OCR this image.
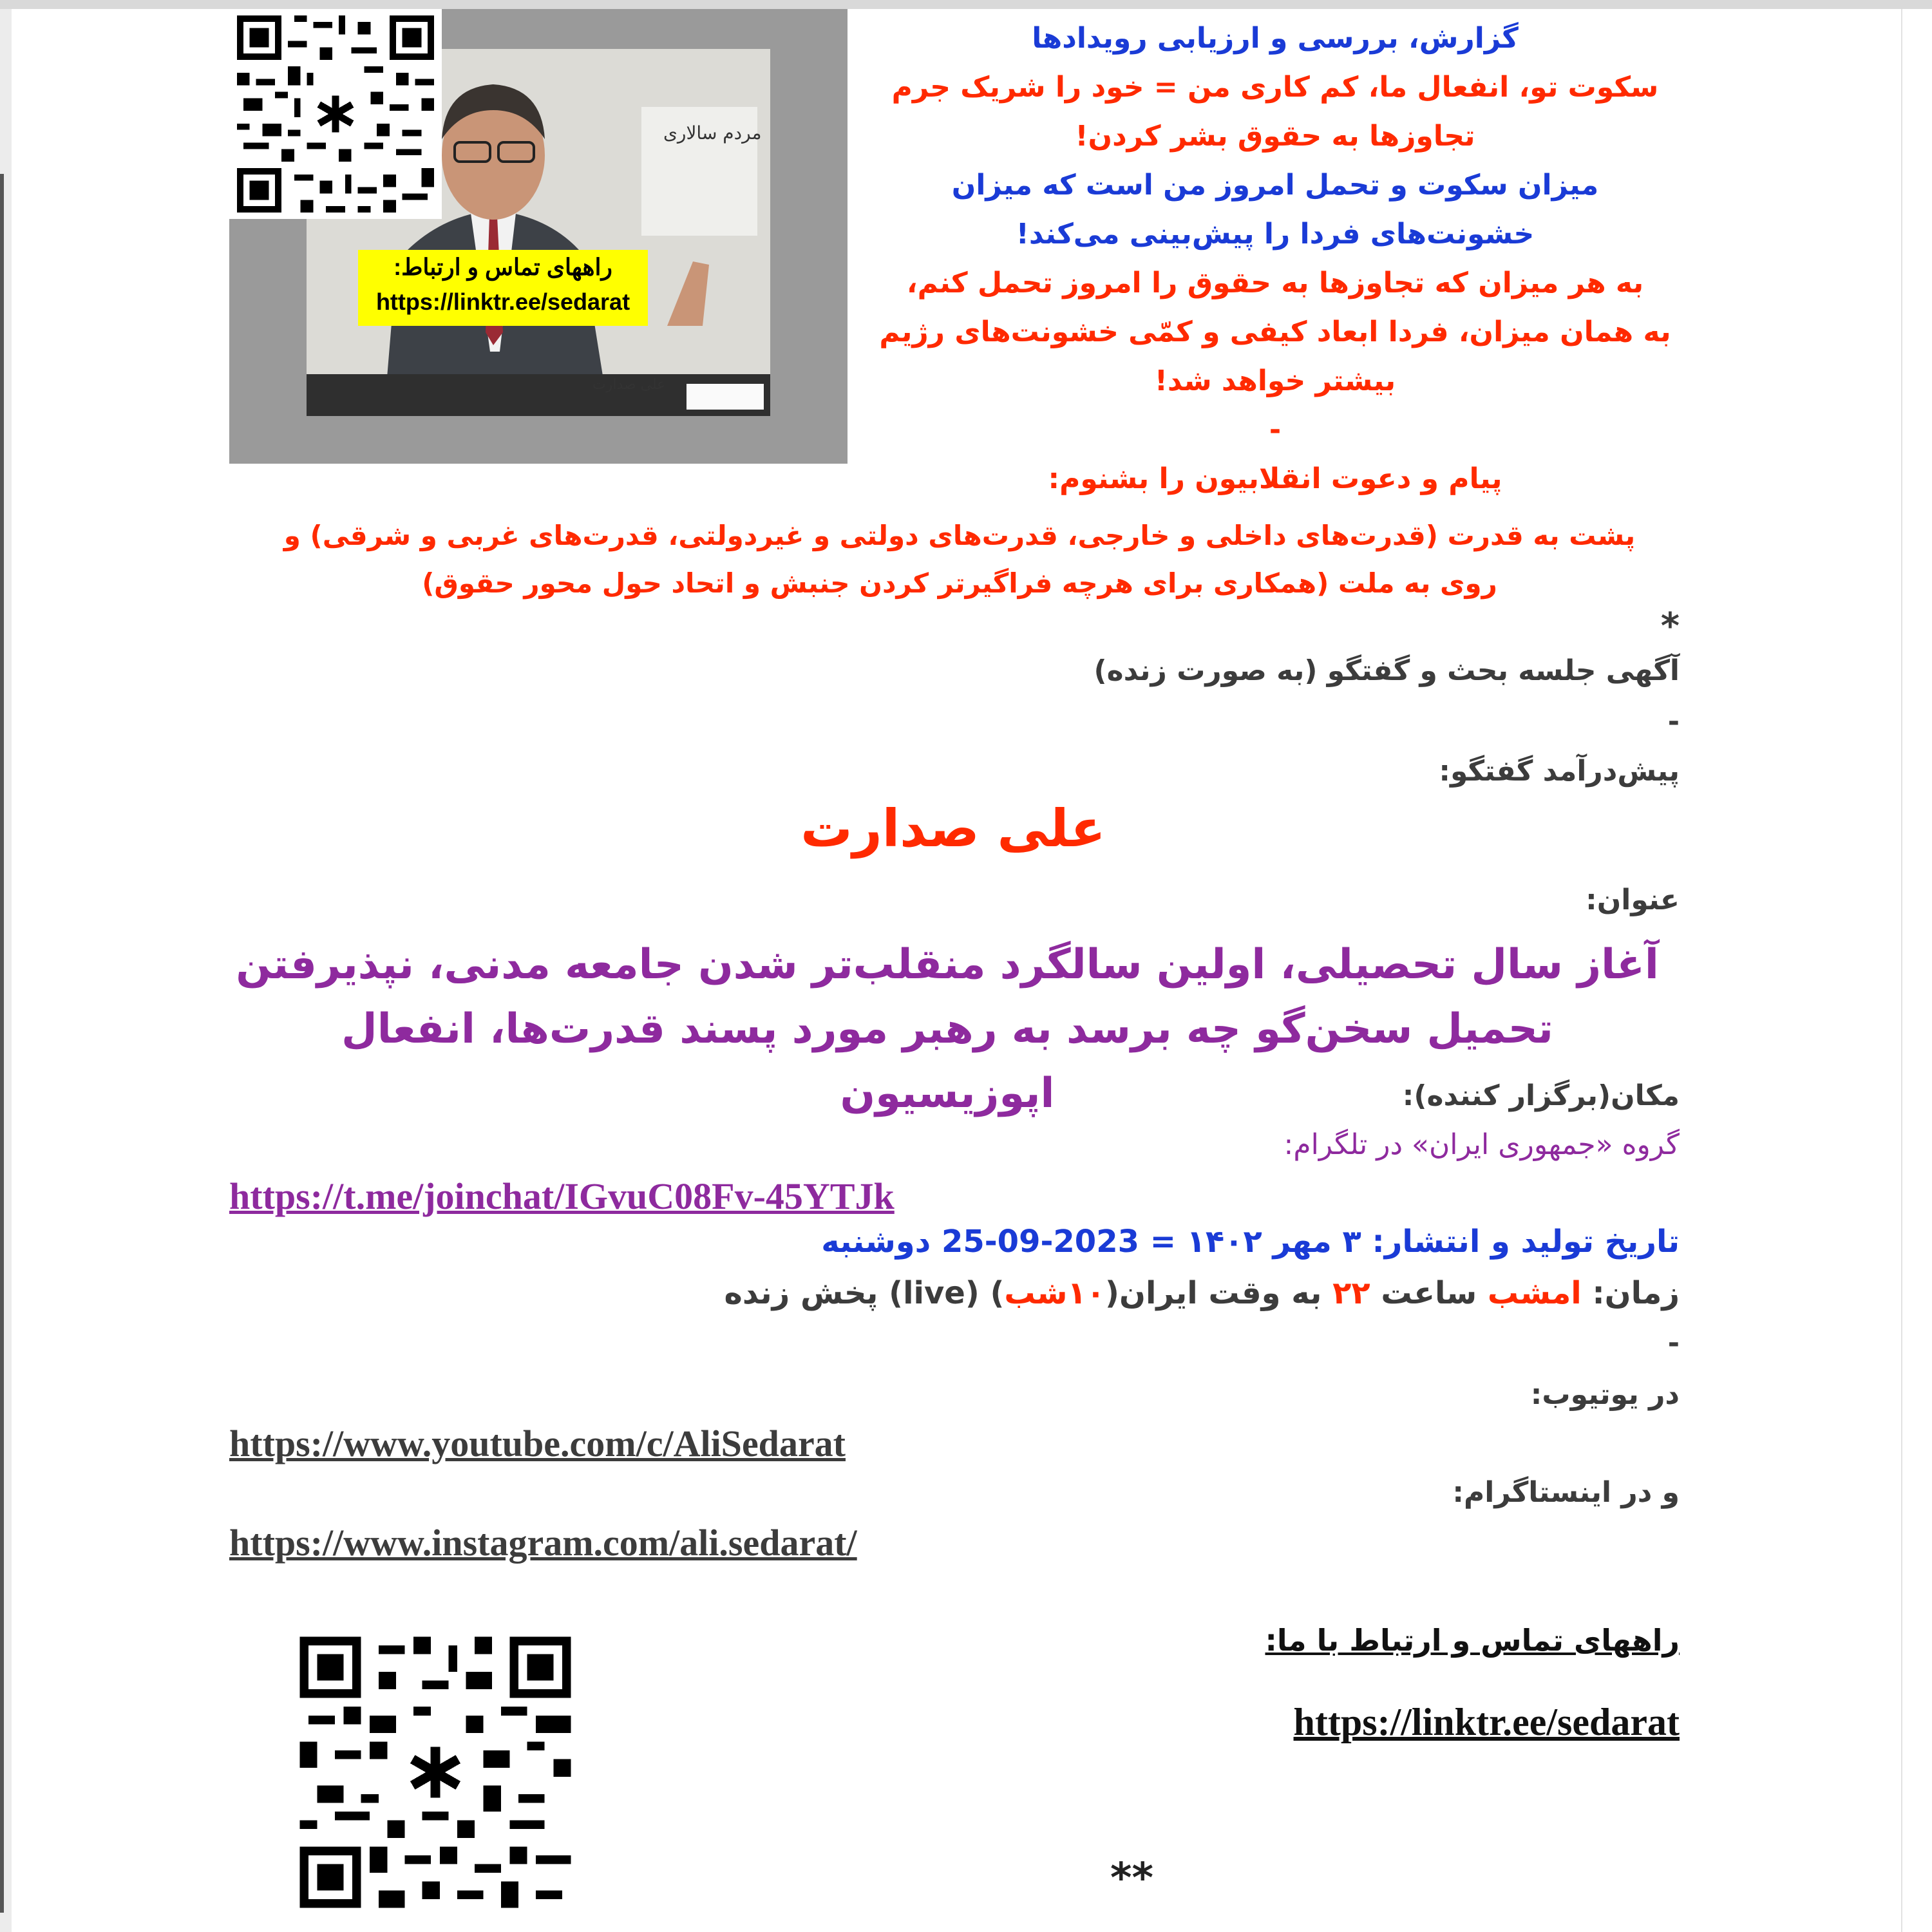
مردم سالاری
علی صدارت
راههای تماس و ارتباط:
https://linktr.ee/sedarat
گزارش، بررسی و ارزیابی رویدادها
سکوت تو، انفعال ما، کم کاری من = خود را شریک جرم
تجاوزها به حقوق بشر کردن!
میزان سکوت و تحمل امروز من است که میزان
خشونت‌های فردا را پیش‌بینی می‌کند!
به هر میزان که تجاوزها به حقوق را امروز تحمل کنم،
به همان میزان، فردا ابعاد کیفی و کمّی خشونت‌های رژیم
بیشتر خواهد شد!
-
پیام و دعوت انقلابیون را بشنوم:
پشت به قدرت (قدرت‌های داخلی و خارجی، قدرت‌های دولتی و غیردولتی، قدرت‌های غربی و شرقی) و
روی به ملت (همکاری برای هرچه فراگیرتر کردن جنبش و اتحاد حول محور حقوق)
*
آگهی جلسه بحث و گفتگو (به صورت زنده)
-
پیش‌درآمد گفتگو:
علی صدارت
عنوان:
آغاز سال تحصیلی، اولین سالگرد منقلب‌تر شدن جامعه مدنی، نپذیرفتن
تحمیل سخن‌گو چه برسد به رهبر مورد پسند قدرت‌ها، انفعال اپوزیسیون	مکان(برگزار کننده):
گروه «جمهوری ایران» در تلگرام:
https://t.me/joinchat/IGvuC08Fv-45YTJk
تاریخ تولید و انتشار: ۳ مهر ۱۴۰۲ = 2023-09-25 دوشنبه
زمان: امشب ساعت ۲۲ به وقت ایران(۱۰شب) (live) پخش زنده
-
در یوتیوب:
https://www.youtube.com/c/AliSedarat
و در اینستاگرام:
https://www.instagram.com/ali.sedarat/
راههای تماس و ارتباط با ما:
https://linktr.ee/sedarat
**
